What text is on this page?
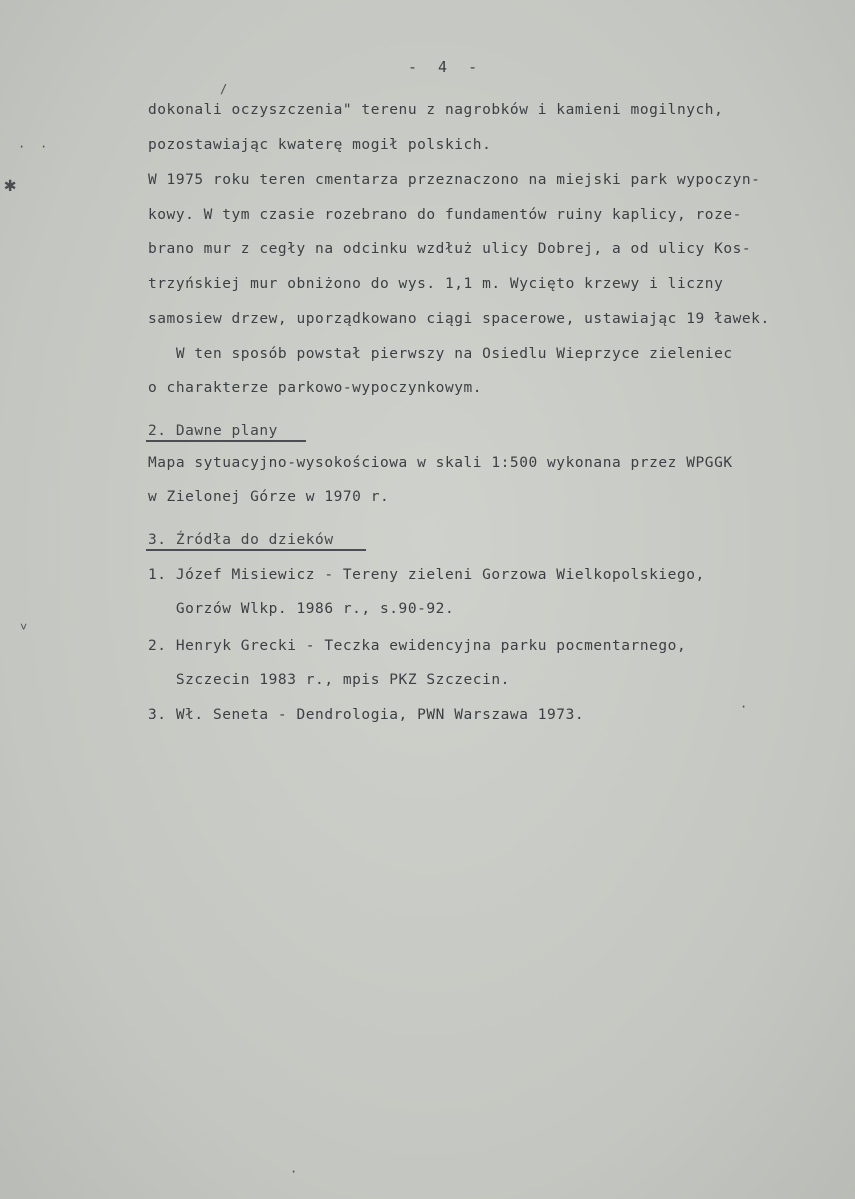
- 4 -
dokonali oczyszczenia" terenu z nagrobków i kamieni mogilnych,
pozostawiając kwaterę mogił polskich.
W 1975 roku teren cmentarza przeznaczono na miejski park wypoczyn-
kowy. W tym czasie rozebrano do fundamentów ruiny kaplicy, roze-
brano mur z cegły na odcinku wzdłuż ulicy Dobrej, a od ulicy Kos-
trzyńskiej mur obniżono do wys. 1,1 m. Wycięto krzewy i liczny
samosiew drzew, uporządkowano ciągi spacerowe, ustawiając 19 ławek.
W ten sposób powstał pierwszy na Osiedlu Wieprzyce zieleniec
o charakterze parkowo-wypoczynkowym.
2. Dawne plany
Mapa sytuacyjno-wysokościowa w skali 1:500 wykonana przez WPGGK
w Zielonej Górze w 1970 r.
3. Źródła do dzieków
1. Józef Misiewicz - Tereny zieleni Gorzowa Wielkopolskiego,
Gorzów Wlkp. 1986 r., s.90-92.
2. Henryk Grecki - Teczka ewidencyjna parku pocmentarnego,
Szczecin 1983 r., mpis PKZ Szczecin.
3. Wł. Seneta - Dendrologia, PWN Warszawa 1973.
✱
· ·
˅
/
·
·
